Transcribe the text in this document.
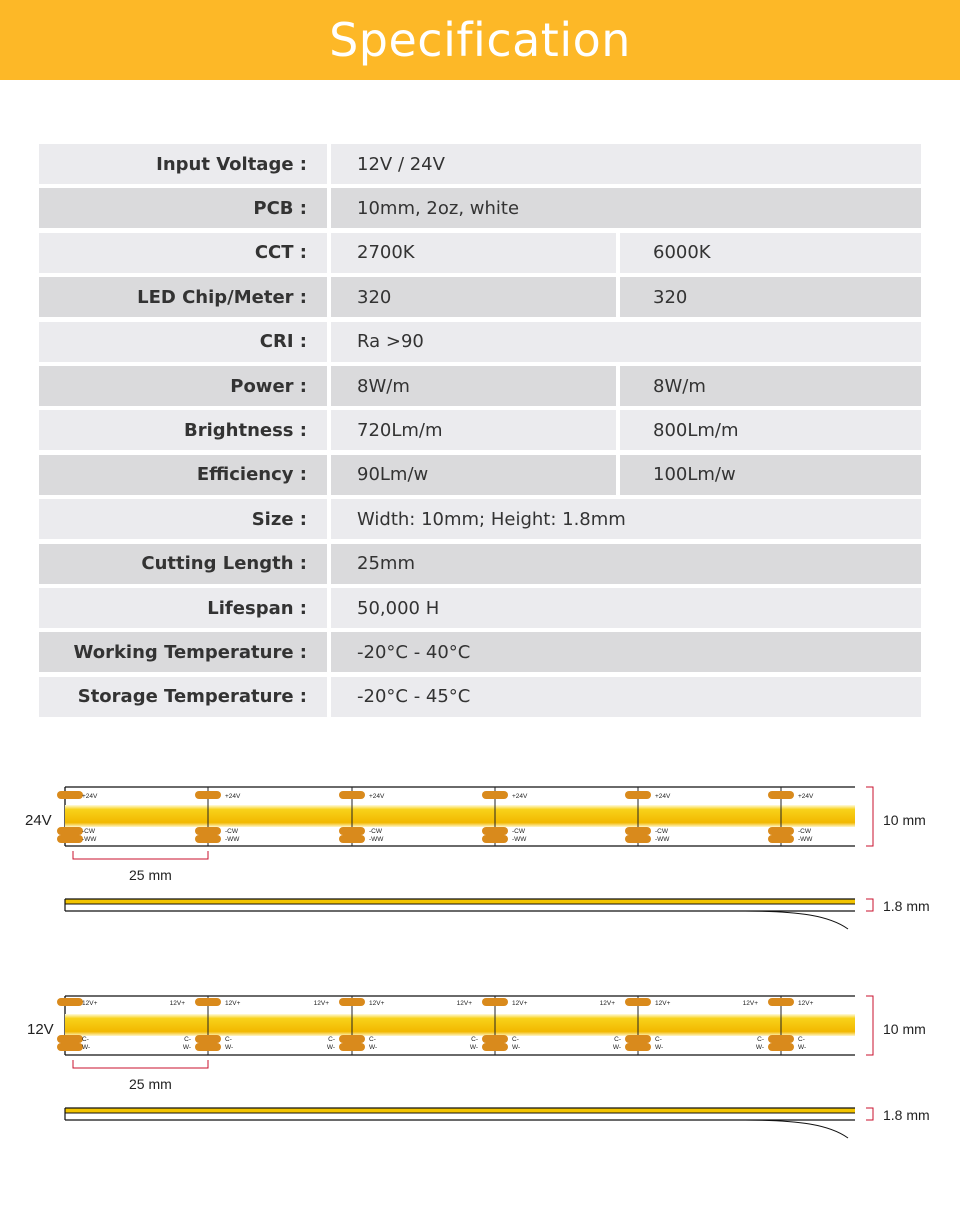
Specification
Input Voltage :	12V / 24V
PCB :	10mm, 2oz, white
CCT :	2700K	6000K
LED Chip/Meter :	320	320
CRI :	Ra >90
Power :	8W/m	8W/m
Brightness :	720Lm/m	800Lm/m
Efficiency :	90Lm/w	100Lm/w
Size :	Width: 10mm; Height: 1.8mm
Cutting Length :	25mm
Lifespan :	50,000 H
Working Temperature :	-20°C - 40°C
Storage Temperature :	-20°C - 45°C
+24V
-CW
-WW
+24V
-CW
-WW
+24V
-CW
-WW
+24V
-CW
-WW
+24V
-CW
-WW
+24V
-CW
-WW
24V	10 mm
25 mm
1.8 mm
12V+
C-
W-
12V+
12V+
C-
W-
C-
W-
12V+
12V+
C-
W-
C-
W-
12V+
12V+
C-
W-
C-
W-
12V+
12V+
C-
W-
C-
W-
12V+
12V+
C-
W-
C-
W-
12V	10 mm
25 mm
1.8 mm
